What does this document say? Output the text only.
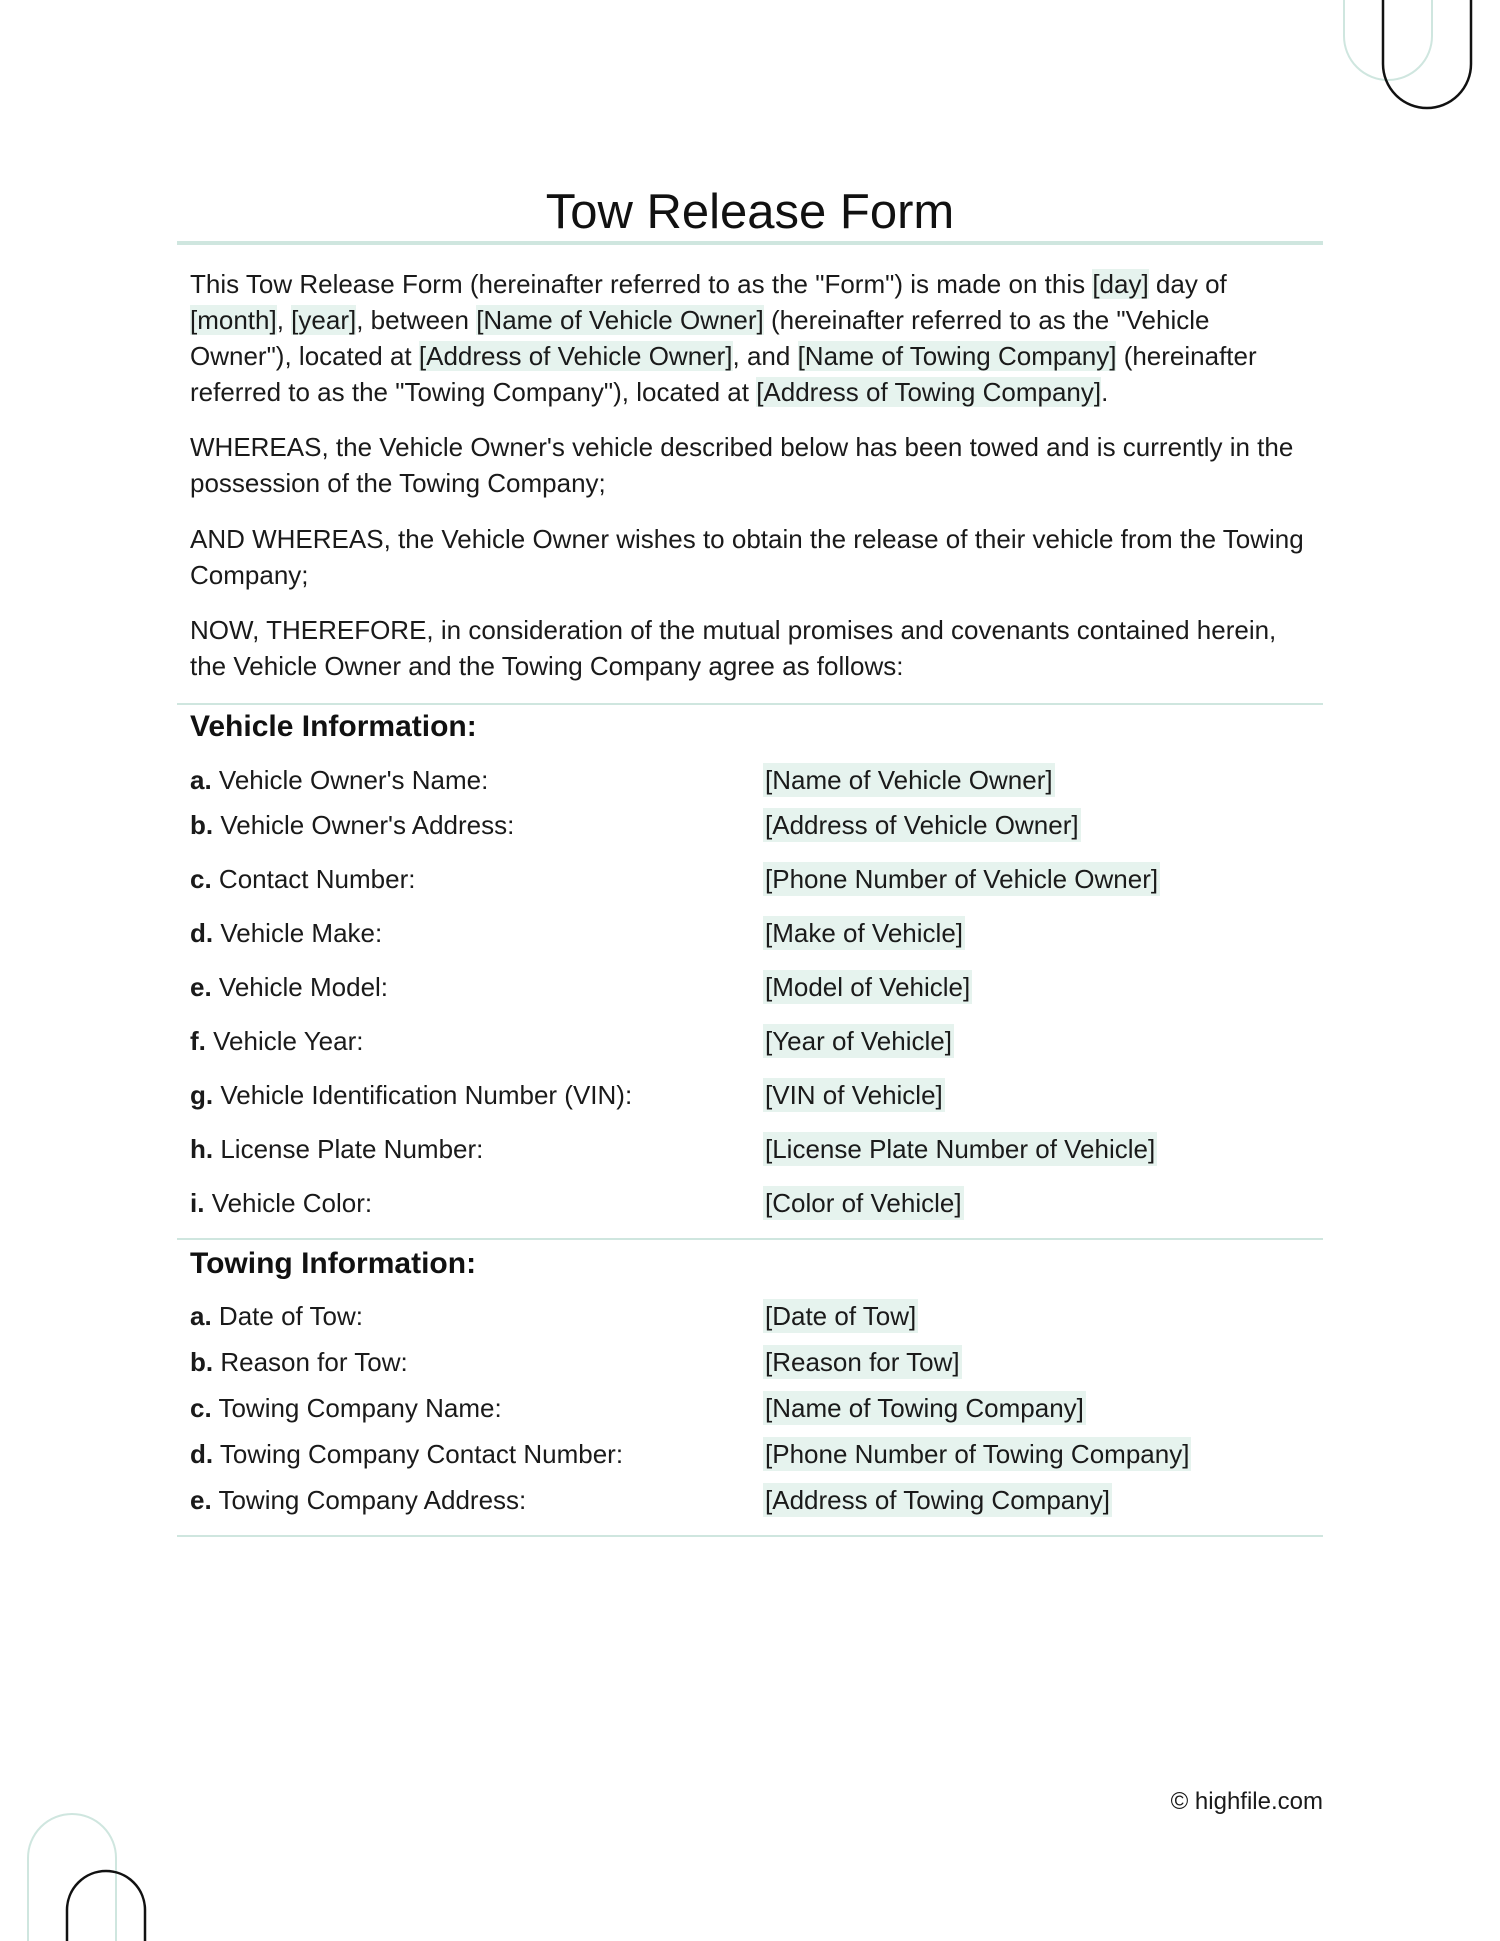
Tow Release Form

This Tow Release Form (hereinafter referred to as the "Form") is made on this [day] day of [month], [year], between [Name of Vehicle Owner] (hereinafter referred to as the "Vehicle Owner"), located at [Address of Vehicle Owner], and [Name of Towing Company] (hereinafter referred to as the "Towing Company"), located at [Address of Towing Company].

WHEREAS, the Vehicle Owner's vehicle described below has been towed and is currently in the possession of the Towing Company;

AND WHEREAS, the Vehicle Owner wishes to obtain the release of their vehicle from the Towing Company;

NOW, THEREFORE, in consideration of the mutual promises and covenants contained herein, the Vehicle Owner and the Towing Company agree as follows:

Vehicle Information:
a. Vehicle Owner's Name:	[Name of Vehicle Owner]
b. Vehicle Owner's Address:	[Address of Vehicle Owner]
c. Contact Number:	[Phone Number of Vehicle Owner]
d. Vehicle Make:	[Make of Vehicle]
e. Vehicle Model:	[Model of Vehicle]
f. Vehicle Year:	[Year of Vehicle]
g. Vehicle Identification Number (VIN):	[VIN of Vehicle]
h. License Plate Number:	[License Plate Number of Vehicle]
i. Vehicle Color:	[Color of Vehicle]
Towing Information:
a. Date of Tow:	[Date of Tow]
b. Reason for Tow:	[Reason for Tow]
c. Towing Company Name:	[Name of Towing Company]
d. Towing Company Contact Number:	[Phone Number of Towing Company]
e. Towing Company Address:	[Address of Towing Company]
© highfile.com
